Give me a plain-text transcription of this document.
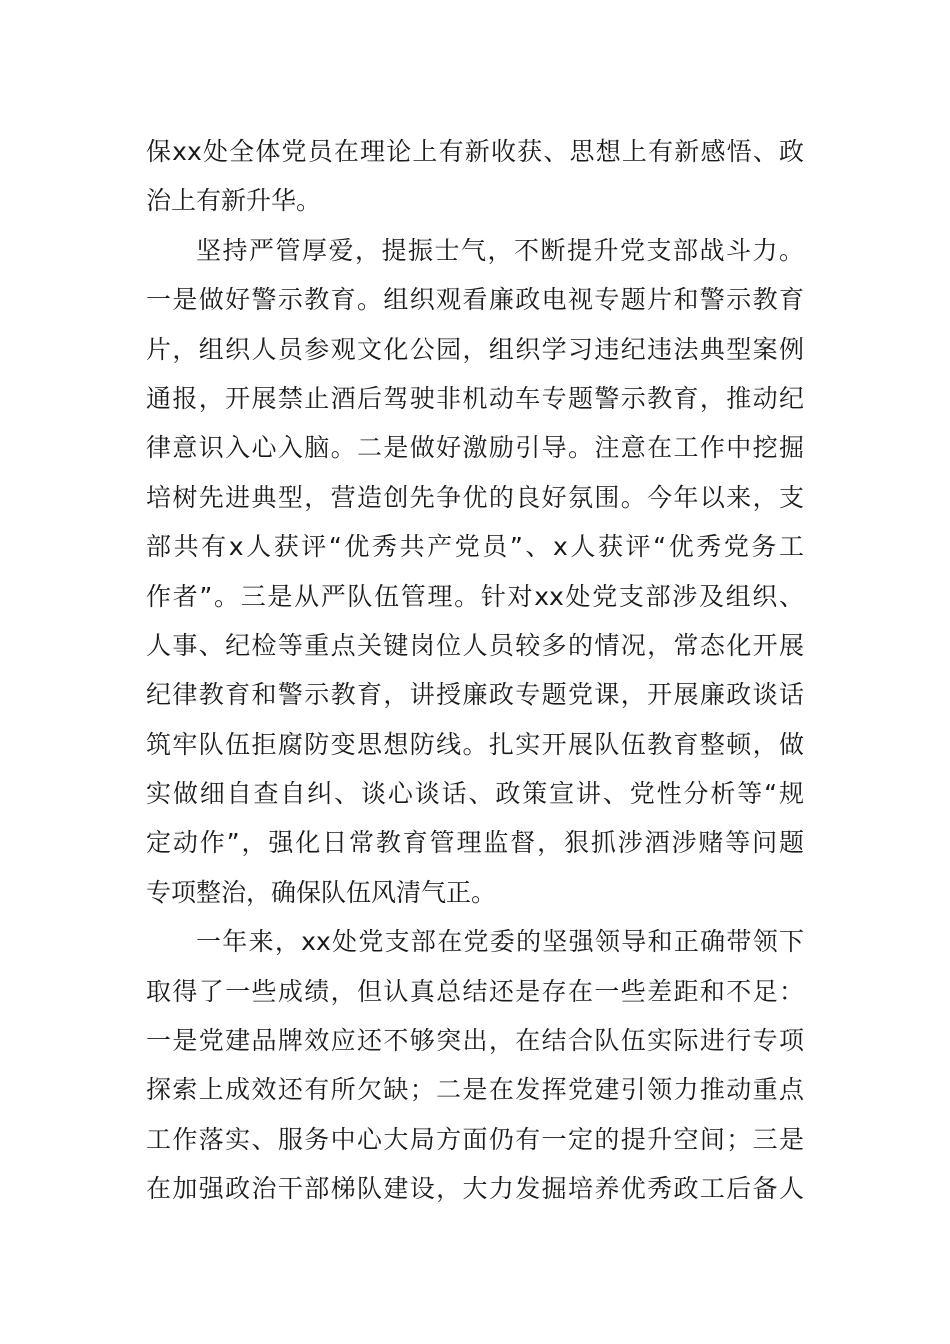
保xx处全体党员在理论上有新收获、思想上有新感悟、政
治上有新升华。
坚持严管厚爱，提振士气，不断提升党支部战斗力。
一是做好警示教育。组织观看廉政电视专题片和警示教育
片，组织人员参观文化公园，组织学习违纪违法典型案例
通报，开展禁止酒后驾驶非机动车专题警示教育，推动纪
律意识入心入脑。二是做好激励引导。注意在工作中挖掘
培树先进典型，营造创先争优的良好氛围。今年以来，支
部共有x人获评“优秀共产党员”、x人获评“优秀党务工
作者”。三是从严队伍管理。针对xx处党支部涉及组织、
人事、纪检等重点关键岗位人员较多的情况，常态化开展
纪律教育和警示教育，讲授廉政专题党课，开展廉政谈话
筑牢队伍拒腐防变思想防线。扎实开展队伍教育整顿，做
实做细自查自纠、谈心谈话、政策宣讲、党性分析等“规
定动作”，强化日常教育管理监督，狠抓涉酒涉赌等问题
专项整治，确保队伍风清气正。
一年来，xx处党支部在党委的坚强领导和正确带领下
取得了一些成绩，但认真总结还是存在一些差距和不足：
一是党建品牌效应还不够突出，在结合队伍实际进行专项
探索上成效还有所欠缺；二是在发挥党建引领力推动重点
工作落实、服务中心大局方面仍有一定的提升空间；三是
在加强政治干部梯队建设，大力发掘培养优秀政工后备人
